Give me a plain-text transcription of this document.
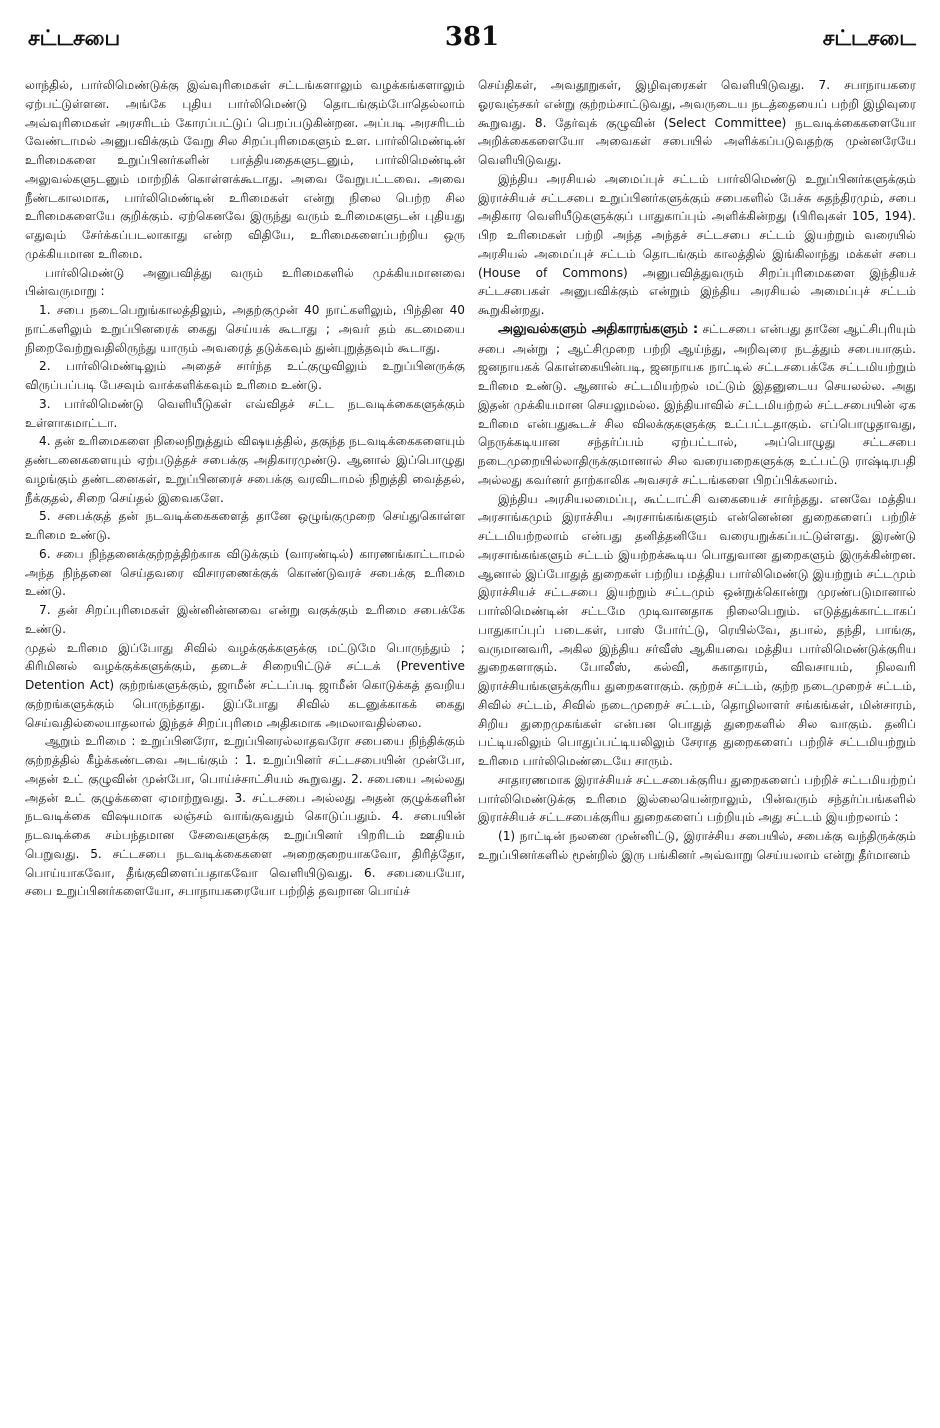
சட்டசபை	381	சட்டசடை

லாந்தில், பார்லிமெண்டுக்கு இவ்வுரிமைகள் சட்டங்களாலும் வழக்கங்களாலும் ஏற்பட்டுள்ளன. அங்கே புதிய பார்லிமெண்டு தொடங்கும்போதெல்லாம் அவ்வுரிமைகள் அரசரிடம் கோரப்பட்டுப் பெறப்படுகின்றன. அப்படி அரசரிடம் வேண்டாமல் அனுபவிக்கும் வேறு சில சிறப்புரிமைகளும் உள. பார்லிமெண்டின் உரிமைகளை உறுப்பினர்களின் பாத்தியதைகளுடனும், பார்லிமெண்டின் அலுவல்களுடனும் மாற்றிக் கொள்ளக்கூடாது. அவை வேறுபட்டவை. அவை நீண்டகாலமாக, பார்லிமெண்டின் உரிமைகள் என்று நிலை பெற்ற சில உரிமைகளையே குறிக்கும். ஏற்கெனவே இருந்து வரும் உரிமைகளுடன் புதியது எதுவும் சேர்க்கப்படலாகாது என்ற விதியே, உரிமைகளைப்பற்றிய ஒரு முக்கியமான உரிமை.

பார்லிமெண்டு அனுபவித்து வரும் உரிமைகளில் முக்கியமானவை பின்வருமாறு :

1. சபை நடைபெறுங்காலத்திலும், அதற்குமுன் 40 நாட்களிலும், பிந்தின 40 நாட்களிலும் உறுப்பினரைக் கைது செய்யக் கூடாது ; அவர் தம் கடமையை நிறைவேற்றுவதிலிருந்து யாரும் அவரைத் தடுக்கவும் துன்புறுத்தவும் கூடாது.

2. பார்லிமெண்டிலும் அதைச் சார்ந்த உட்குழுவிலும் உறுப்பினருக்கு விருப்பப்படி பேசவும் வாக்களிக்கவும் உரிமை உண்டு.

3. பார்லிமெண்டு வெளியீடுகள் எவ்விதச் சட்ட நடவடிக்கைகளுக்கும் உள்ளாகமாட்டா.

4. தன் உரிமைகளை நிலைநிறுத்தும் விஷயத்தில், தகுந்த நடவடிக்கைகளையும் தண்டனைகளையும் ஏற்படுத்தச் சபைக்கு அதிகாரமுண்டு. ஆனால் இப்பொழுது வழங்கும் தண்டனைகள், உறுப்பினரைச் சபைக்கு வரவிடாமல் நிறுத்தி வைத்தல், நீக்குதல், சிறை செய்தல் இவைகளே.

5. சபைக்குத் தன் நடவடிக்கைகளைத் தானே ஒழுங்குமுறை செய்துகொள்ள உரிமை உண்டு.

6. சபை நிந்தனைக்குற்றத்திற்காக விடுக்கும் (வாரண்டில்) காரணங்காட்டாமல் அந்த நிந்தனை செய்தவரை விசாரணைக்குக் கொண்டுவரச் சபைக்கு உரிமை உண்டு.

7. தன் சிறப்புரிமைகள் இன்னின்னவை என்று வகுக்கும் உரிமை சபைக்கே உண்டு.

முதல் உரிமை இப்போது சிவில் வழக்குக்களுக்கு மட்டுமே பொருந்தும் ; கிரிமினல் வழக்குக்களுக்கும், தடைச் சிறையிட்டுச் சட்டக் (Preventive Detention Act) குற்றங்களுக்கும், ஜாமீன் சட்டப்படி ஜாமீன் கொடுக்கத் தவறிய குற்றங்களுக்கும் பொருந்தாது. இப்போது சிவில் கடனுக்காகக் கைது செய்வதில்லையாதலால் இந்தச் சிறப்புரிமை அதிகமாக அமலாவதில்லை.

ஆறும் உரிமை : உறுப்பினரோ, உறுப்பினரல்லாதவரோ சபையை நிந்திக்கும் குற்றத்தில் கீழ்க்கண்டவை அடங்கும் : 1. உறுப்பினர் சட்டசபையின் முன்போ, அதன் உட் குழுவின் முன்போ, பொய்ச்சாட்சியம் கூறுவது. 2. சபையை அல்லது அதன் உட் குழுக்களை ஏமாற்றுவது. 3. சட்டசபை அல்லது அதன் குழுக்களின் நடவடிக்கை விஷயமாக லஞ்சம் வாங்குவதும் கொடுப்பதும். 4. சபையின் நடவடிக்கை சம்பந்தமான சேவைகளுக்கு உறுப்பினர் பிறரிடம் ஊதியம் பெறுவது. 5. சட்டசபை நடவடிக்கைகளை அறைகுறையாகவோ, திரித்தோ, பொய்யாகவோ, தீங்குவிளைப்பதாகவோ வெளியிடுவது. 6. சபையையோ, சபை உறுப்பினர்களையோ, சபாநாயகரையோ பற்றித் தவறான பொய்ச்

செய்திகள், அவதூறுகள், இழிவுரைகள் வெளியிடுவது. 7. சபாநாயகரை ஓரவஞ்சகர் என்று குற்றம்சாட்டுவது, அவருடைய நடத்தையைப் பற்றி இழிவுரை கூறுவது. 8. தேர்வுக் குழுவின் (Select Committee) நடவடிக்கைகளையோ அறிக்கைகளையோ அவைகள் சபையில் அளிக்கப்படுவதற்கு முன்னரேயே வெளியிடுவது.

இந்திய அரசியல் அமைப்புச் சட்டம் பார்லிமெண்டு உறுப்பினர்களுக்கும் இராச்சியச் சட்டசபை உறுப்பினர்களுக்கும் சபைகளில் பேச்சு சுதந்திரமும், சபை அதிகார வெளியீடுகளுக்குப் பாதுகாப்பும் அளிக்கின்றது (பிரிவுகள் 105, 194). பிற உரிமைகள் பற்றி அந்த அந்தச் சட்டசபை சட்டம் இயற்றும் வரையில் அரசியல் அமைப்புச் சட்டம் தொடங்கும் காலத்தில் இங்கிலாந்து மக்கள் சபை (House of Commons) அனுபவித்துவரும் சிறப்புரிமைகளை இந்தியச் சட்டசபைகள் அனுபவிக்கும் என்றும் இந்திய அரசியல் அமைப்புச் சட்டம் கூறுகின்றது.

அலுவல்களும் அதிகாரங்களும் : சட்டசபை என்பது தானே ஆட்சிபுரியும் சபை அன்று ; ஆட்சிமுறை பற்றி ஆய்ந்து, அறிவுரை நடத்தும் சபையாகும். ஜனநாயகக் கொள்கையின்படி, ஜனநாயக நாட்டில் சட்டசபைக்கே சட்டமியற்றும் உரிமை உண்டு. ஆனால் சட்டமியற்றல் மட்டும் இதனுடைய செயலல்ல. அது இதன் முக்கியமான செயலுமல்ல. இந்தியாவில் சட்டமியற்றல் சட்டசபையின் ஏக உரிமை என்பதுகூடச் சில விலக்குகளுக்கு உட்பட்டதாகும். எப்பொழுதாவது, நெருக்கடியான சந்தர்ப்பம் ஏற்பட்டால், அப்பொழுது சட்டசபை நடைமுறையில்லாதிருக்குமானால் சில வரையறைகளுக்கு உட்பட்டு ராஷ்டிரபதி அல்லது கவர்னர் தாற்காலிக அவசரச் சட்டங்களை பிறப்பிக்கலாம்.

இந்திய அரசியலமைப்பு, கூட்டாட்சி வகையைச் சார்ந்தது. எனவே மத்திய அரசாங்கமும் இராச்சிய அரசாங்கங்களும் என்னென்ன துறைகளைப் பற்றிச் சட்டமியற்றலாம் என்பது தனித்தனியே வரையறுக்கப்பட்டுள்ளது. இரண்டு அரசாங்கங்களும் சட்டம் இயற்றக்கூடிய பொதுவான துறைகளும் இருக்கின்றன. ஆனால் இப்போதுத் துறைகள் பற்றிய மத்திய பார்லிமெண்டு இயற்றும் சட்டமும் இராச்சியச் சட்டசபை இயற்றும் சட்டமும் ஒன்றுக்கொன்று முரண்படுமானால் பார்லிமெண்டின் சட்டமே முடிவானதாக நிலைபெறும். எடுத்துக்காட்டாகப் பாதுகாப்புப் படைகள், பாஸ் போர்ட்டு, ரெயில்வே, தபால், தந்தி, பாங்கு, வருமானவரி, அகில இந்திய சர்வீஸ் ஆகியவை மத்திய பார்லிமெண்டுக்குரிய துறைகளாகும். போலீஸ், கல்வி, சுகாதாரம், விவசாயம், நிலவரி இராச்சியங்களுக்குரிய துறைகளாகும். குற்றச் சட்டம், குற்ற நடைமுறைச் சட்டம், சிவில் சட்டம், சிவில் நடைமுறைச் சட்டம், தொழிலாளர் சங்கங்கள், மின்சாரம், சிறிய துறைமுகங்கள் என்பன பொதுத் துறைகளில் சில வாகும். தனிப் பட்டியலிலும் பொதுப்பட்டியலிலும் சேராத துறைகளைப் பற்றிச் சட்டமியற்றும் உரிமை பார்லிமெண்டையே சாரும்.

சாதாரணமாக இராச்சியச் சட்டசபைக்குரிய துறைகளைப் பற்றிச் சட்டமியற்றப் பார்லிமெண்டுக்கு உரிமை இல்லையென்றாலும், பின்வரும் சந்தர்ப்பங்களில் இராச்சியச் சட்டசபைக்குரிய துறைகளைப் பற்றியும் அது சட்டம் இயற்றலாம் :

(1) நாட்டின் நலனை முன்னிட்டு, இராச்சிய சபையில், சபைக்கு வந்திருக்கும் உறுப்பினர்களில் மூன்றில் இரு பங்கினர் அவ்வாறு செய்யலாம் என்று தீர்மானம்
